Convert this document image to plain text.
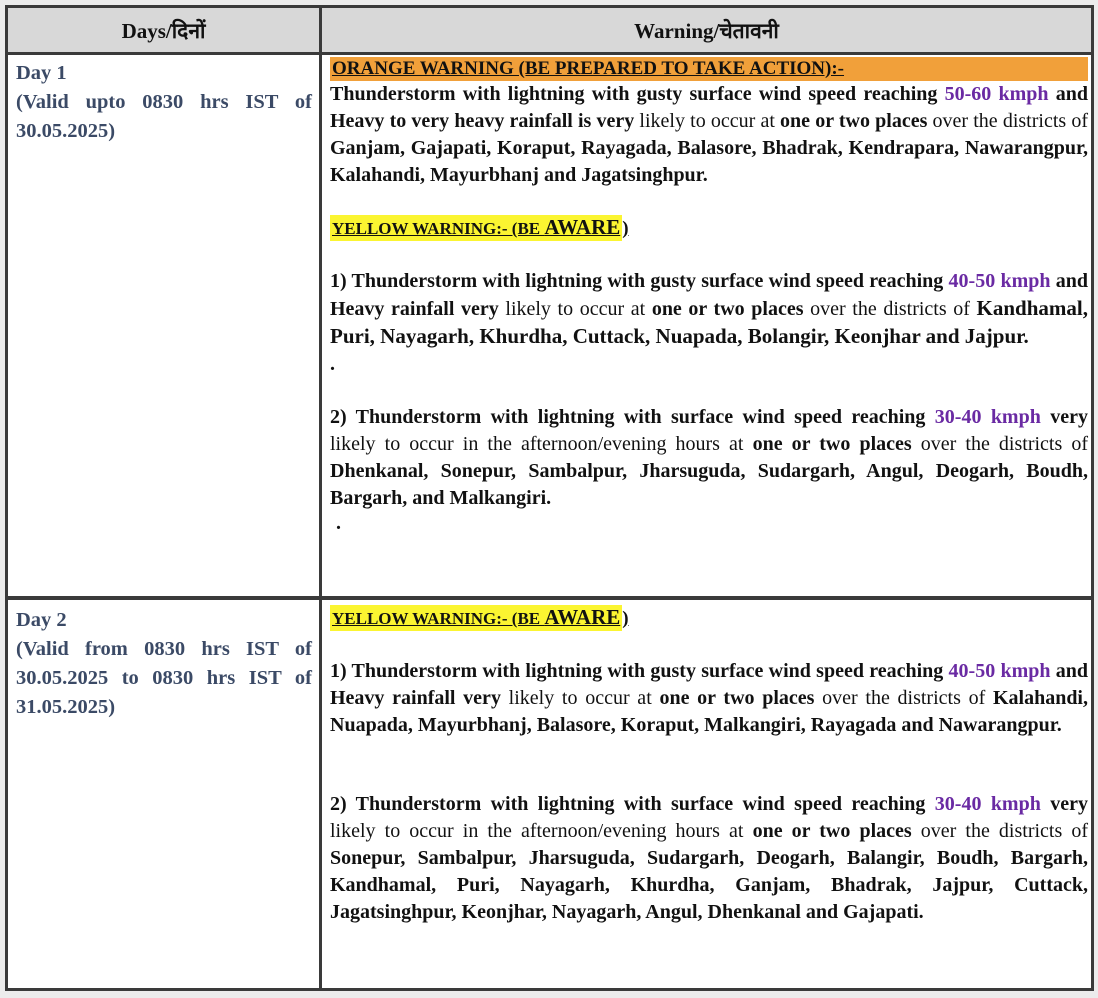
Days/दिनों	Warning/चेतावनी
Day 1
(Valid upto 0830 hrs IST of 30.05.2025)
ORANGE WARNING (BE PREPARED TO TAKE ACTION):-

Thunderstorm with lightning with gusty surface wind speed reaching 50-60 kmph and Heavy to very heavy rainfall is very likely to occur at one or two places over the districts of Ganjam, Gajapati, Koraput, Rayagada, Balasore, Bhadrak, Kendrapara, Nawarangpur, Kalahandi, Mayurbhanj and Jagatsinghpur.

YELLOW WARNING:- (BE AWARE )

1) Thunderstorm with lightning with gusty surface wind speed reaching 40-50 kmph and Heavy rainfall very likely to occur at one or two places over the districts of Kandhamal, Puri, Nayagarh, Khurdha, Cuttack, Nuapada, Bolangir, Keonjhar and Jajpur.

.

2) Thunderstorm with lightning with surface wind speed reaching 30-40 kmph very likely to occur in the afternoon/evening hours at one or two places over the districts of Dhenkanal, Sonepur, Sambalpur, Jharsuguda, Sudargarh, Angul, Deogarh, Boudh, Bargarh, and Malkangiri.

.

Day 2
(Valid from 0830 hrs IST of 30.05.2025 to 0830 hrs IST of 31.05.2025)
YELLOW WARNING:- (BE AWARE )

1) Thunderstorm with lightning with gusty surface wind speed reaching 40-50 kmph and Heavy rainfall very likely to occur at one or two places over the districts of Kalahandi, Nuapada, Mayurbhanj, Balasore, Koraput, Malkangiri, Rayagada and Nawarangpur.

2) Thunderstorm with lightning with surface wind speed reaching 30-40 kmph very likely to occur in the afternoon/evening hours at one or two places over the districts of Sonepur, Sambalpur, Jharsuguda, Sudargarh, Deogarh, Balangir, Boudh, Bargarh, Kandhamal, Puri, Nayagarh, Khurdha, Ganjam, Bhadrak, Jajpur, Cuttack, Jagatsinghpur, Keonjhar, Nayagarh, Angul, Dhenkanal and Gajapati.
